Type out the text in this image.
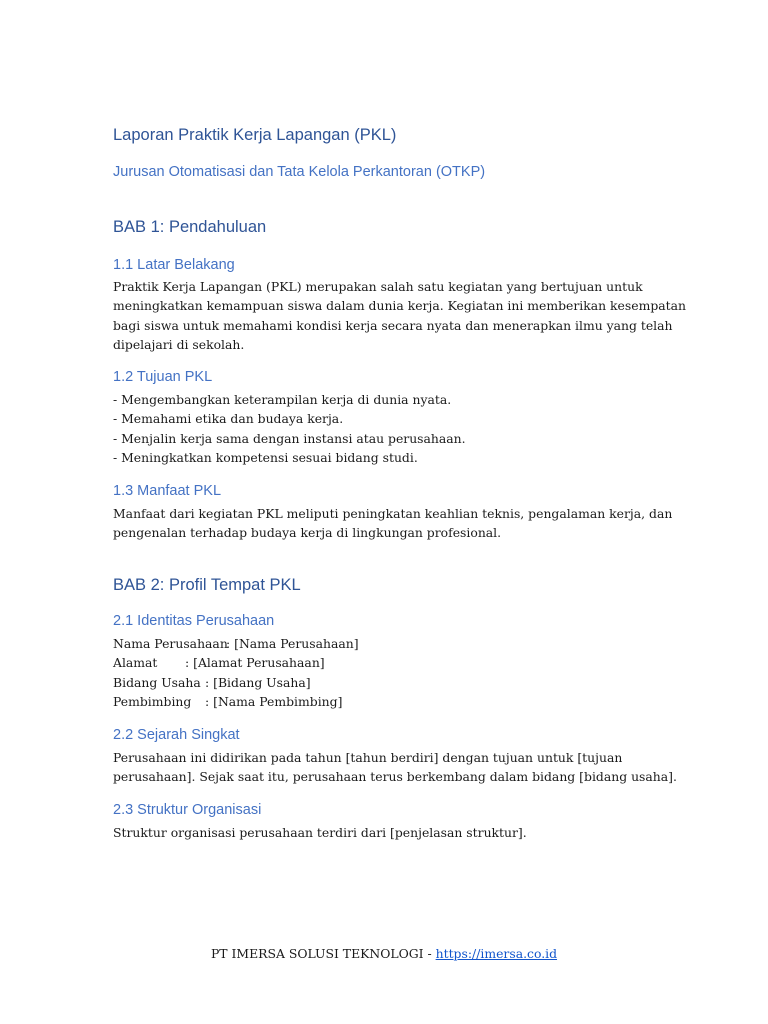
Laporan Praktik Kerja Lapangan (PKL)
Jurusan Otomatisasi dan Tata Kelola Perkantoran (OTKP)
BAB 1: Pendahuluan
1.1 Latar Belakang
Praktik Kerja Lapangan (PKL) merupakan salah satu kegiatan yang bertujuan untuk
meningkatkan kemampuan siswa dalam dunia kerja. Kegiatan ini memberikan kesempatan
bagi siswa untuk memahami kondisi kerja secara nyata dan menerapkan ilmu yang telah
dipelajari di sekolah.
1.2 Tujuan PKL
- Mengembangkan keterampilan kerja di dunia nyata.
- Memahami etika dan budaya kerja.
- Menjalin kerja sama dengan instansi atau perusahaan.
- Meningkatkan kompetensi sesuai bidang studi.
1.3 Manfaat PKL
Manfaat dari kegiatan PKL meliputi peningkatan keahlian teknis, pengalaman kerja, dan
pengenalan terhadap budaya kerja di lingkungan profesional.
BAB 2: Profil Tempat PKL
2.1 Identitas Perusahaan
Nama Perusahaan
: [Nama Perusahaan]
Alamat	: [Alamat Perusahaan]
Bidang Usaha : [Bidang Usaha]
Pembimbing	: [Nama Pembimbing]
2.2 Sejarah Singkat
Perusahaan ini didirikan pada tahun [tahun berdiri] dengan tujuan untuk [tujuan
perusahaan]. Sejak saat itu, perusahaan terus berkembang dalam bidang [bidang usaha].
2.3 Struktur Organisasi
Struktur organisasi perusahaan terdiri dari [penjelasan struktur].
PT IMERSA SOLUSI TEKNOLOGI - https://imersa.co.id
